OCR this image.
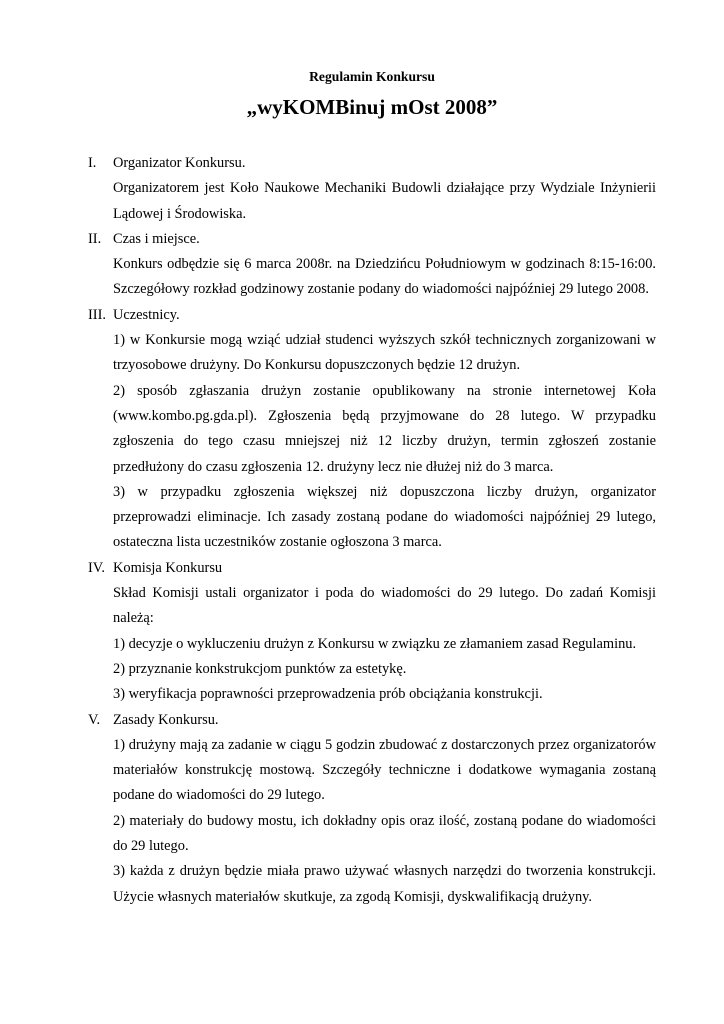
Regulamin Konkursu
„wyKOMBinuj mOst 2008”
I.	Organizator Konkursu.
Organizatorem jest Koło Naukowe Mechaniki Budowli działające przy Wydziale Inżynierii Lądowej i Środowiska.
II. Czas i miejsce.
Konkurs odbędzie się 6 marca 2008r. na Dziedzińcu Południowym w godzinach 8:15-16:00. Szczegółowy rozkład godzinowy zostanie podany do wiadomości najpóźniej 29 lutego 2008.
III. Uczestnicy.
1) w Konkursie mogą wziąć udział studenci wyższych szkół technicznych zorganizowani w trzyosobowe drużyny. Do Konkursu dopuszczonych będzie 12 drużyn.
2) sposób zgłaszania drużyn zostanie opublikowany na stronie internetowej Koła (www.kombo.pg.gda.pl). Zgłoszenia będą przyjmowane do 28 lutego. W przypadku zgłoszenia do tego czasu mniejszej niż 12 liczby drużyn, termin zgłoszeń zostanie przedłużony do czasu zgłoszenia 12. drużyny lecz nie dłużej niż do 3 marca.
3) w przypadku zgłoszenia większej niż dopuszczona liczby drużyn, organizator przeprowadzi eliminacje. Ich zasady zostaną podane do wiadomości najpóźniej 29 lutego, ostateczna lista uczestników zostanie ogłoszona 3 marca.
IV. Komisja Konkursu
Skład Komisji ustali organizator i poda do wiadomości do 29 lutego. Do zadań Komisji należą:
1) decyzje o wykluczeniu drużyn z Konkursu w związku ze złamaniem zasad Regulaminu.
2) przyznanie konkstrukcjom punktów za estetykę.
3) weryfikacja poprawności przeprowadzenia prób obciążania konstrukcji.
V. Zasady Konkursu.
1) drużyny mają za zadanie w ciągu 5 godzin zbudować z dostarczonych przez organizatorów materiałów konstrukcję mostową. Szczegóły techniczne i dodatkowe wymagania zostaną podane do wiadomości do 29 lutego.
2) materiały do budowy mostu, ich dokładny opis oraz ilość, zostaną podane do wiadomości do 29 lutego.
3) każda z drużyn będzie miała prawo używać własnych narzędzi do tworzenia konstrukcji. Użycie własnych materiałów skutkuje, za zgodą Komisji, dyskwalifikacją drużyny.
